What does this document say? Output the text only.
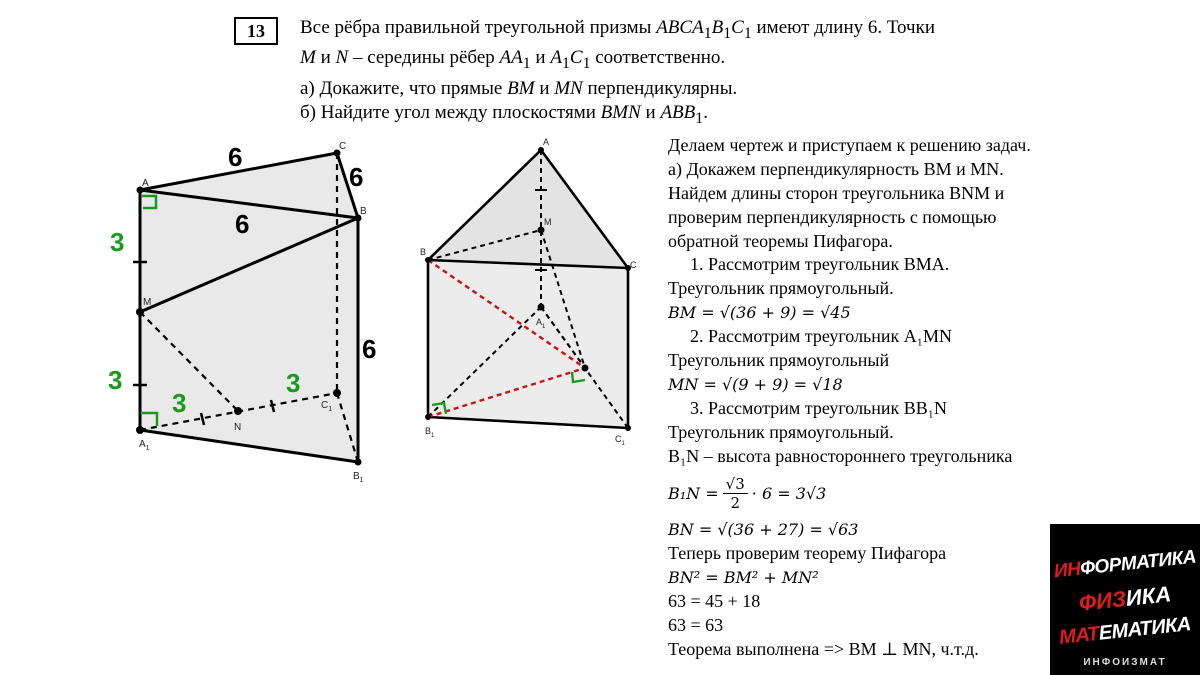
13	Все рёбра правильной треугольной призмы $ABCA_1B_1C_1$ имеют длину 6. Точки
M и N – середины рёбер $AA_1$ и $A_1C_1$ соответственно.
а) Докажите, что прямые BM и MN перпендикулярны.
б) Найдите угол между плоскостями BMN и $ABB_1$.
A
C
B
M
N
$A_1$
$C_1$
$B_1$
6
6
6
6
3
3
3
3
A
B
C
M
$A_1$
$B_1$	$C_1$
Делаем чертеж и приступаем к решению задач.
а) Докажем перпендикулярность BM и MN.
Найдем длины сторон треугольника BNM и
проверим перпендикулярность с помощью
обратной теоремы Пифагора.
1. Рассмотрим треугольник BMA.
Треугольник прямоугольный.
BM = √(36 + 9) = √45
2. Рассмотрим треугольник A₁MN
Треугольник прямоугольный
MN = √(9 + 9) = √18
3. Рассмотрим треугольник BB₁N
Треугольник прямоугольный.
B₁N – высота равностороннего треугольника
$B_1N = \frac{√3}{2} \cdot 6 = 3√3$
BN = √(36 + 27) = √63
Теперь проверим теорему Пифагора
BN² = BM² + MN²
63 = 45 + 18
63 = 63
Теорема выполнена => BM ⊥ MN, ч.т.д.
ИНФОРМАТИКА
ФИЗИКА
МАТЕМАТИКА
ИНФОИЗМАТ
